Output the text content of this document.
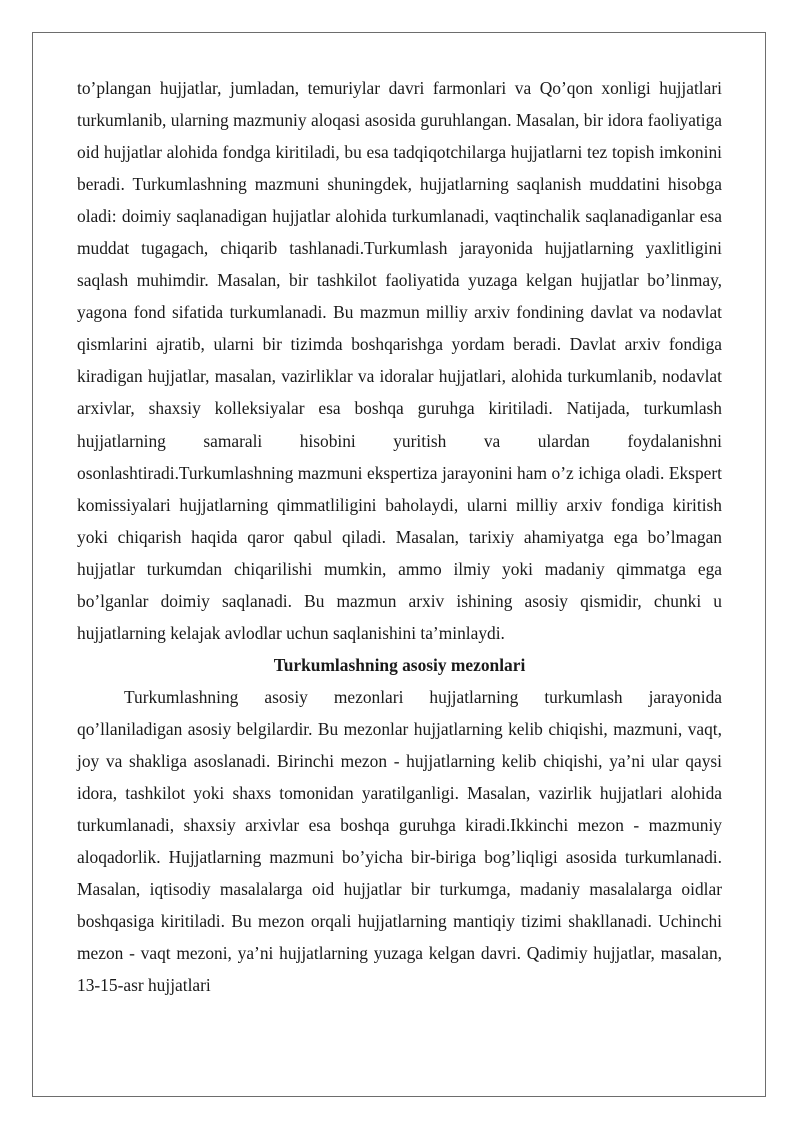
to’plangan hujjatlar, jumladan, temuriylar davri farmonlari va Qo’qon xonligi hujjatlari turkumlanib, ularning mazmuniy aloqasi asosida guruhlangan. Masalan, bir idora faoliyatiga oid hujjatlar alohida fondga kiritiladi, bu esa tadqiqotchilarga hujjatlarni tez topish imkonini beradi. Turkumlashning mazmuni shuningdek, hujjatlarning saqlanish muddatini hisobga oladi: doimiy saqlanadigan hujjatlar alohida turkumlanadi, vaqtinchalik saqlanadiganlar esa muddat tugagach, chiqarib tashlanadi.Turkumlash jarayonida hujjatlarning yaxlitligini saqlash muhimdir. Masalan, bir tashkilot faoliyatida yuzaga kelgan hujjatlar bo’linmay, yagona fond sifatida turkumlanadi. Bu mazmun milliy arxiv fondining davlat va nodavlat qismlarini ajratib, ularni bir tizimda boshqarishga yordam beradi. Davlat arxiv fondiga kiradigan hujjatlar, masalan, vazirliklar va idoralar hujjatlari, alohida turkumlanib, nodavlat arxivlar, shaxsiy kolleksiyalar esa boshqa guruhga kiritiladi. Natijada, turkumlash hujjatlarning samarali hisobini yuritish va ulardan foydalanishni osonlashtiradi.Turkumlashning mazmuni ekspertiza jarayonini ham o’z ichiga oladi. Ekspert komissiyalari hujjatlarning qimmatliligini baholaydi, ularni milliy arxiv fondiga kiritish yoki chiqarish haqida qaror qabul qiladi. Masalan, tarixiy ahamiyatga ega bo’lmagan hujjatlar turkumdan chiqarilishi mumkin, ammo ilmiy yoki madaniy qimmatga ega bo’lganlar doimiy saqlanadi. Bu mazmun arxiv ishining asosiy qismidir, chunki u hujjatlarning kelajak avlodlar uchun saqlanishini ta’minlaydi.

Turkumlashning asosiy mezonlari

Turkumlashning asosiy mezonlari hujjatlarning turkumlash jarayonida qo’llaniladigan asosiy belgilardir. Bu mezonlar hujjatlarning kelib chiqishi, mazmuni, vaqt, joy va shakliga asoslanadi. Birinchi mezon - hujjatlarning kelib chiqishi, ya’ni ular qaysi idora, tashkilot yoki shaxs tomonidan yaratilganligi. Masalan, vazirlik hujjatlari alohida turkumlanadi, shaxsiy arxivlar esa boshqa guruhga kiradi.Ikkinchi mezon - mazmuniy aloqadorlik. Hujjatlarning mazmuni bo’yicha bir-biriga bog’liqligi asosida turkumlanadi. Masalan, iqtisodiy masalalarga oid hujjatlar bir turkumga, madaniy masalalarga oidlar boshqasiga kiritiladi. Bu mezon orqali hujjatlarning mantiqiy tizimi shakllanadi. Uchinchi mezon - vaqt mezoni, ya’ni hujjatlarning yuzaga kelgan davri. Qadimiy hujjatlar, masalan, 13-15-asr hujjatlari
